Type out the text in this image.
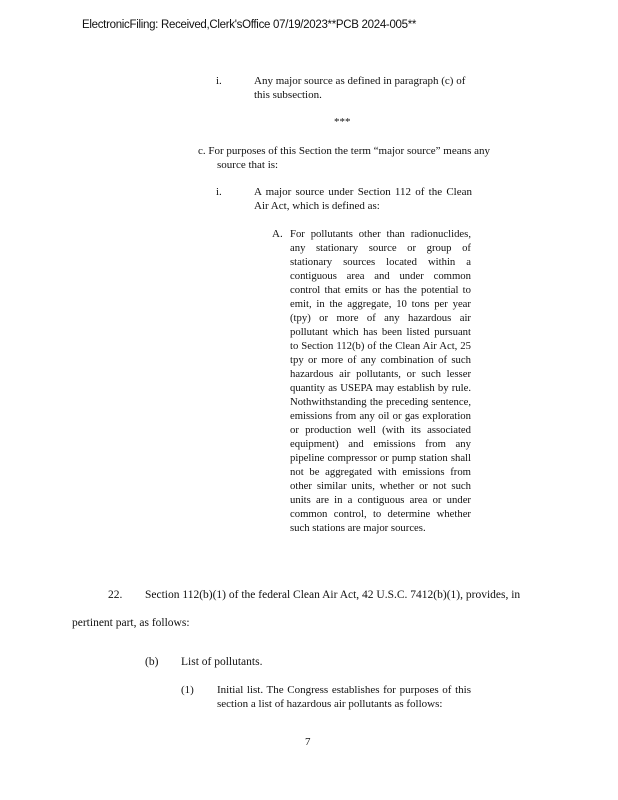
ElectronicFiling: Received,Clerk'sOffice 07/19/2023**PCB 2024-005**
i.	Any major source as defined in paragraph (c) of this subsection.
***
c. For purposes of this Section the term “major source” means any source that is:
i.	A major source under Section 112 of the Clean Air Act, which is defined as:
A. For pollutants other than radionuclides, any stationary source or group of stationary sources located within a contiguous area and under common control that emits or has the potential to emit, in the aggregate, 10 tons per year (tpy) or more of any hazardous air pollutant which has been listed pursuant to Section 112(b) of the Clean Air Act, 25 tpy or more of any combination of such hazardous air pollutants, or such lesser quantity as USEPA may establish by rule. Nothwithstanding the preceding sentence, emissions from any oil or gas exploration or production well (with its associated equipment) and emissions from any pipeline compressor or pump station shall not be aggregated with emissions from other similar units, whether or not such units are in a contiguous area or under common control, to determine whether such stations are major sources.
22. Section 112(b)(1) of the federal Clean Air Act, 42 U.S.C. 7412(b)(1), provides, in
pertinent part, as follows:
(b) List of pollutants.
(1) Initial list. The Congress establishes for purposes of this section a list of hazardous air pollutants as follows:
7
